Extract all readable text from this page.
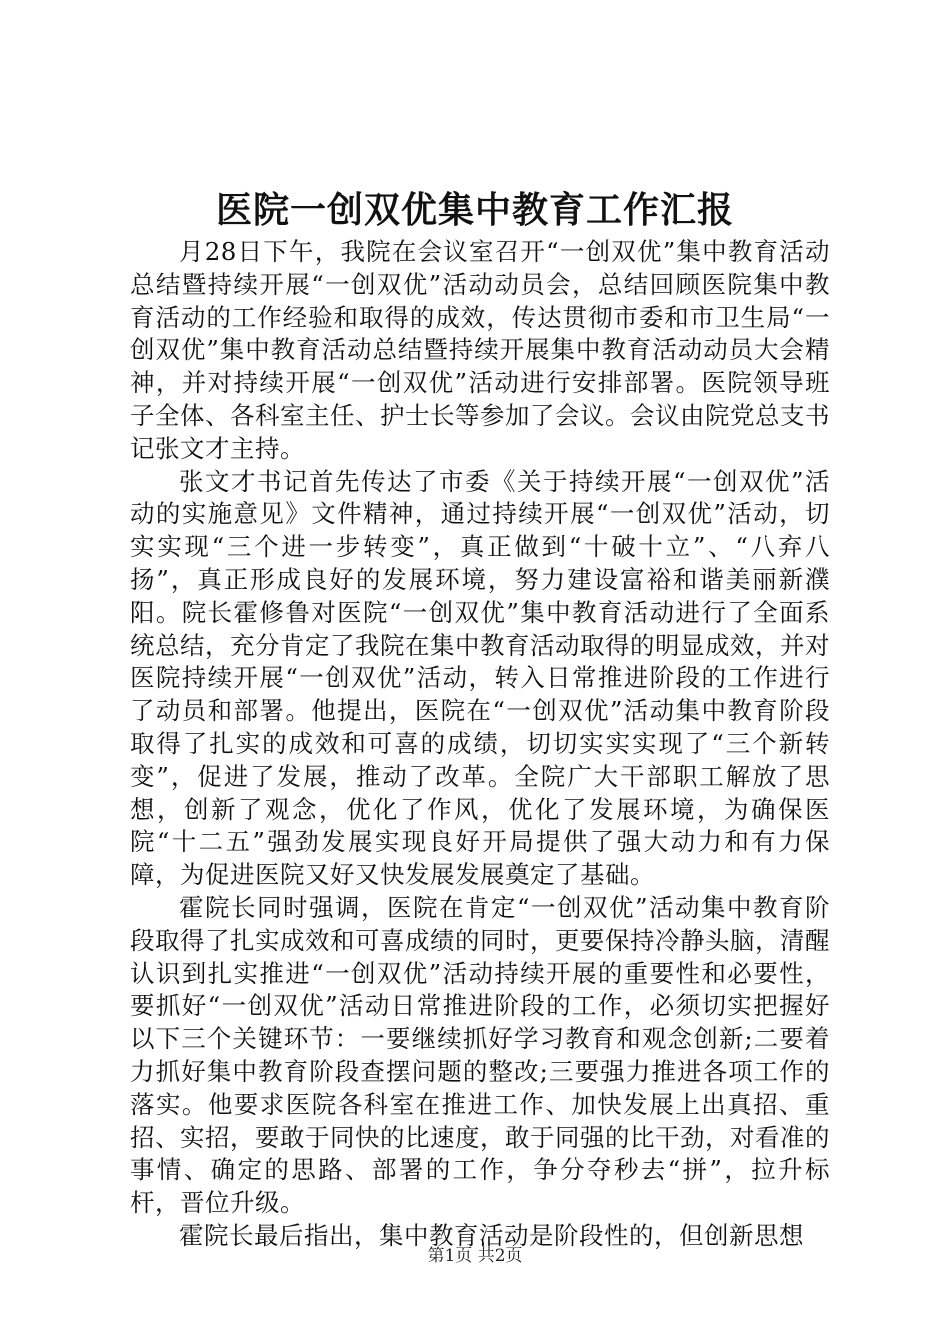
医院一创双优集中教育工作汇报

月28日下午，我院在会议室召开“一创双优”集中教育活动总结暨持续开展“一创双优”活动动员会，总结回顾医院集中教育活动的工作经验和取得的成效，传达贯彻市委和市卫生局“一创双优”集中教育活动总结暨持续开展集中教育活动动员大会精神，并对持续开展“一创双优”活动进行安排部署。医院领导班子全体、各科室主任、护士长等参加了会议。会议由院党总支书记张文才主持。

张文才书记首先传达了市委《关于持续开展“一创双优”活动的实施意见》文件精神，通过持续开展“一创双优”活动，切实实现“三个进一步转变”，真正做到“十破十立”、“八弃八扬”，真正形成良好的发展环境，努力建设富裕和谐美丽新濮阳。院长霍修鲁对医院“一创双优”集中教育活动进行了全面系统总结，充分肯定了我院在集中教育活动取得的明显成效，并对医院持续开展“一创双优”活动，转入日常推进阶段的工作进行了动员和部署。他提出，医院在“一创双优”活动集中教育阶段取得了扎实的成效和可喜的成绩，切切实实实现了“三个新转变”，促进了发展，推动了改革。全院广大干部职工解放了思想，创新了观念，优化了作风，优化了发展环境，为确保医院“十二五”强劲发展实现良好开局提供了强大动力和有力保障，为促进医院又好又快发展发展奠定了基础。

霍院长同时强调，医院在肯定“一创双优”活动集中教育阶段取得了扎实成效和可喜成绩的同时，更要保持冷静头脑，清醒认识到扎实推进“一创双优”活动持续开展的重要性和必要性，要抓好“一创双优”活动日常推进阶段的工作，必须切实把握好以下三个关键环节：一要继续抓好学习教育和观念创新;二要着力抓好集中教育阶段查摆问题的整改;三要强力推进各项工作的落实。他要求医院各科室在推进工作、加快发展上出真招、重招、实招，要敢于同快的比速度，敢于同强的比干劲，对看准的事情、确定的思路、部署的工作，争分夺秒去“拼”，拉升标杆，晋位升级。

霍院长最后指出，集中教育活动是阶段性的，但创新思想

第1页 共2页
